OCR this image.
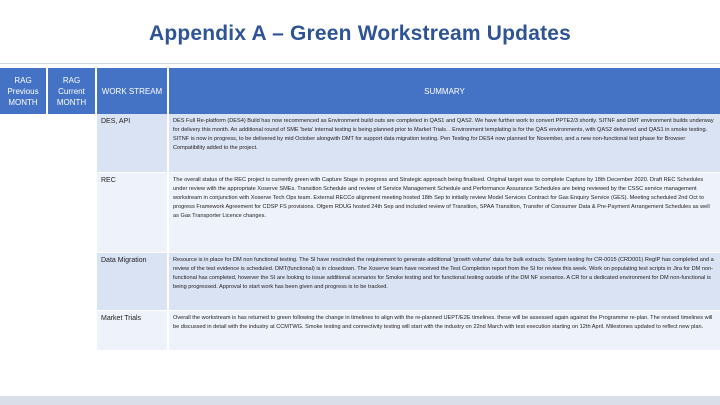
Appendix A – Green Workstream Updates
RAG Previous MONTH	RAG Current MONTH	WORK STREAM	SUMMARY
		DES, API	DES Full Re-platform (DES4) Build has now recommenced as Environment build outs are completed in QAS1 and QAS2. We have further work to convert PPTE2/3 shortly. SITNF and DMT environment builds underway for delivery this month. An additional round of SME 'beta' internal testing is being planned prior to Market Trials. . Environment templating is for the QAS environments, with QAS2 delivered and QAS1 in smoke testing. SITNF is now in progress, to be delivered by mid October alongwith DMT for support data migration testing. Pen Testing for DES4 now planned for November, and a new non-functional test phase for Browser Compatibility added to the project.
		REC	The overall status of the REC project is currently green with Capture Stage in progress and Strategic approach being finalised. Original target was to complete Capture by 18th December 2020. Draft REC Schedules under review with the appropriate Xoserve SMEs. Transition Schedule and review of Service Management Schedule and Performance Assurance Schedules are being reviewed by the CSSC service management workstream in conjunction with Xoserve Tech Ops team. External RECCo alignment meeting hosted 18th Sep to initially review Model Services Contract for Gas Enquiry Service (GES). Meeting scheduled 2nd Oct to progress Framework Agreement for CDSP FS provisions. Ofgem RDUG hosted 24th Sep and included review of Transition, SPAA Transition, Transfer of Consumer Data & Pre-Payment Arrangement Schedules as well as Gas Transporter Licence changes.
		Data Migration	Resource is in place for DM non functional testing. The SI have rescinded the requirement to generate additional 'growth volume' data for bulk extracts. System testing for CR-0015 (CRD001) RegIP has completed and a review of the test evidence is scheduled. DMT(functional) is in closedown. The Xoserve team have received the Test Completion report from the SI for review this week. Work on populating test scripts in Jira for DM non-functional has completed, however the SI are looking to issue additional scenarios for Smoke testing and for functional testing outside of the DM NF scenarios. A CR for a dedicated environment for DM non-functional is being progressed. Approval to start work has been given and progress is to be tracked.
		Market Trials	Overall the workstream is has returned to green following the change in timelines to align with the re-planned UEPT/E2E timelines. these will be assessed again against the Programme re-plan. The revised timelines will be discussed in detail with the industry at CCMTWG. Smoke testing and connectivity testing will start with the industry on 22nd March with test execution starting on 12th April. Milestones updated to reflect new plan.
